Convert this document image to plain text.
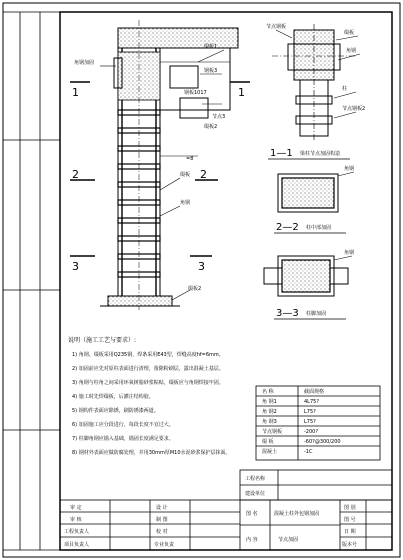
角钢加固
缀板1
钢板3
钢板1017
节点3
缀板2
缀板
角钢
缀板2
=8
1	1
2	2
3	3
节点钢板
缀板
角钢
柱
节点钢板2
1—1 梁柱节点加固构造
角钢
2—2 柱中部加固
角钢
3—3 柱脚加固
说明（施工工艺与要求）:
1) 角钢、缀板采用Q235钢，焊条采用E43型，焊缝高度hf=6mm。
2) 加固前应先对原柱表面进行清理，凿除粉刷层，露出混凝土基层。
3) 角钢与柱角之间采用环氧树脂砂浆粘贴，缀板应与角钢焊接牢固。
4) 施工时先焊缀板，后灌注结构胶。
5) 钢构件表面应除锈，刷防锈漆两道。
6) 加固施工应分段进行，每段长度不宜过大。
7) 柱脚角钢应锚入基础，锚固长度满足要求。
8) 钢材外表面应做防腐处理，并用30mm厚M10水泥砂浆保护层抹面。
名 称	截面规格
角 钢1	4L75?
角 钢2	L75?
角 钢3	L75?
节点钢板	-200?
缀 板	-60?@300/200
混凝土	-1C
工程名称
建设单位
审 定
审 核
工程负责人
项目负责人
设 计
制 图
校 对
专业负责
图 名	混凝土柱外包钢加固
内 容	节点加固
图 别
图 号
日 期
版本号
